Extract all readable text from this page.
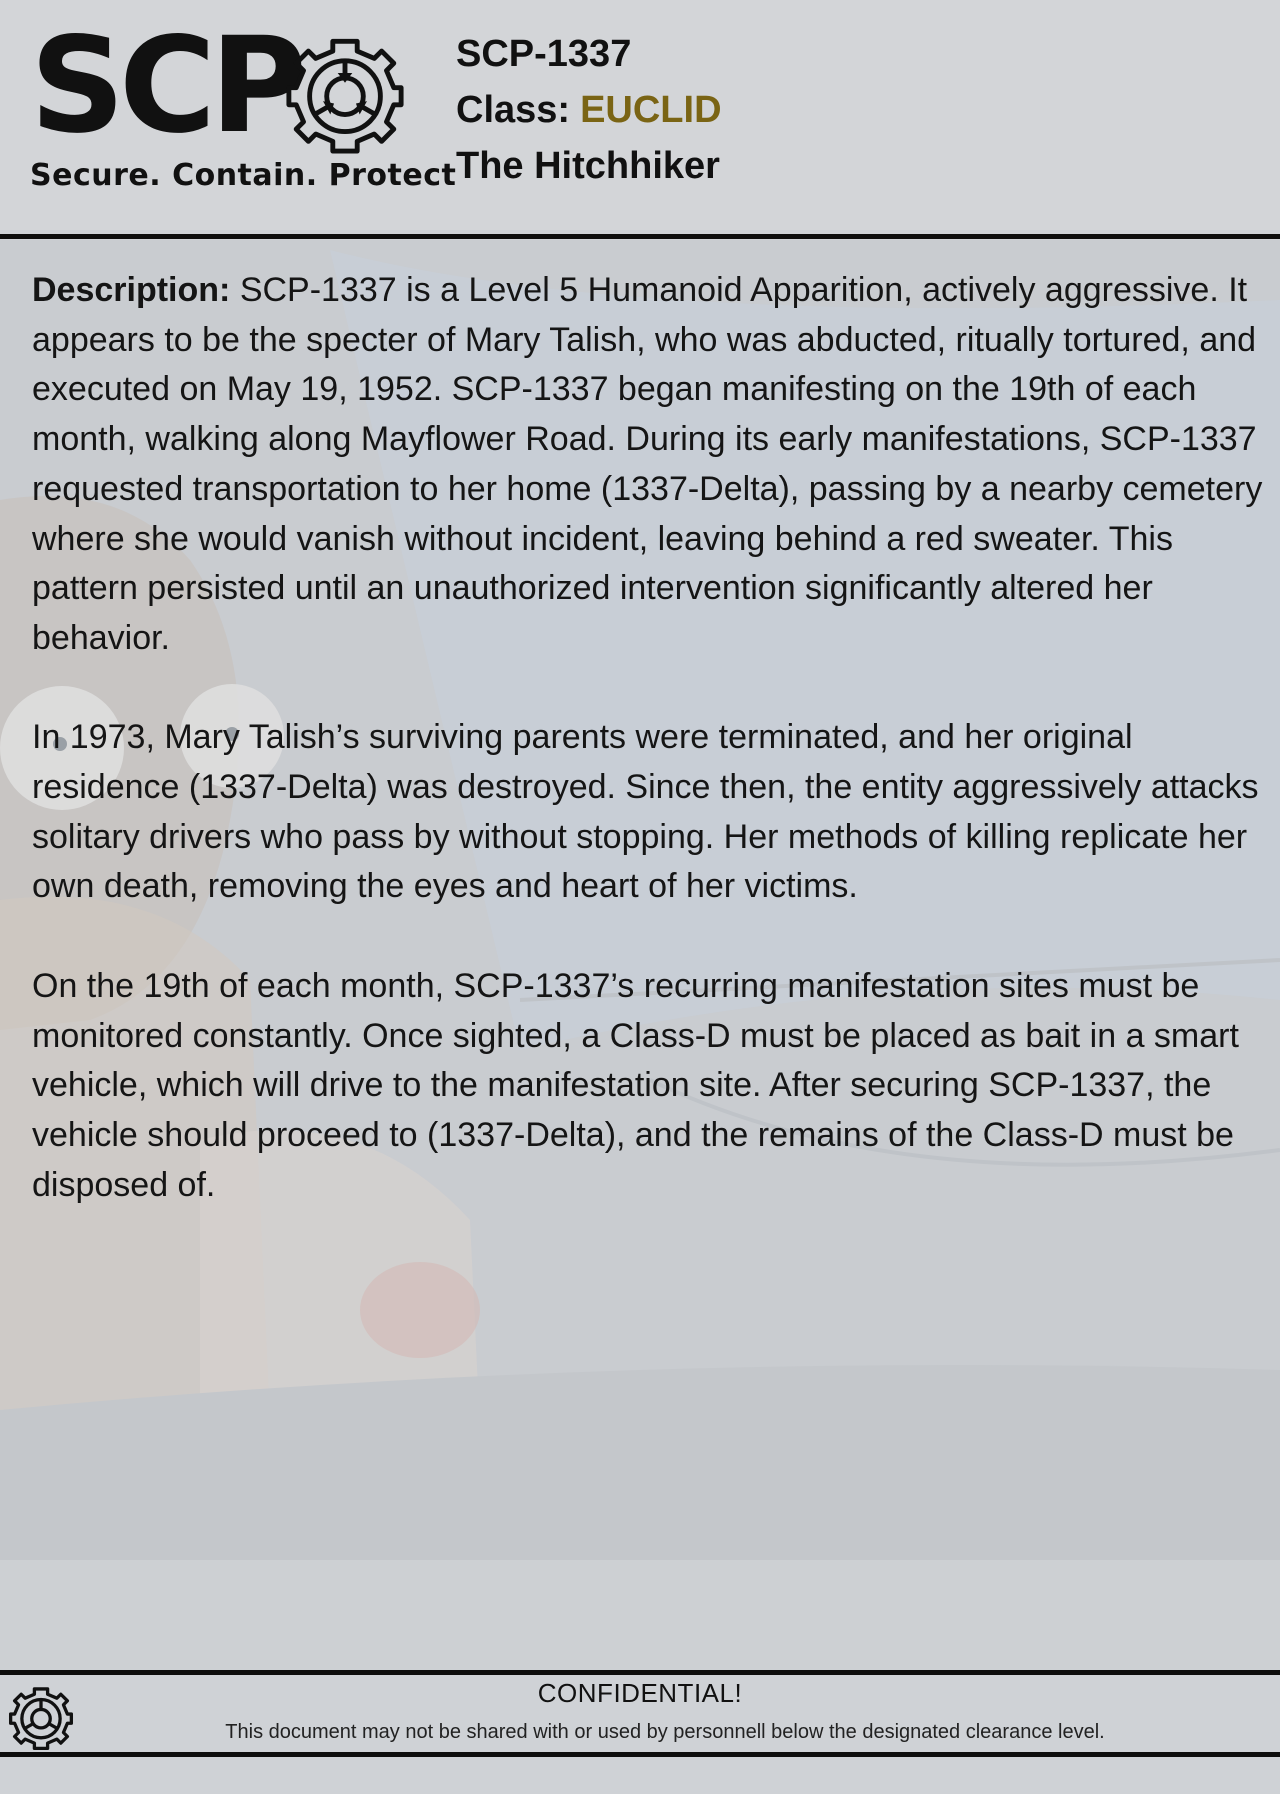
SCP
Secure. Contain. Protect
SCP-1337
Class: EUCLID
The Hitchhiker

Description: SCP-1337 is a Level 5 Humanoid Apparition, actively aggressive. It appears to be the specter of Mary Talish, who was abducted, ritually tortured, and executed on May 19, 1952. SCP-1337 began manifesting on the 19th of each month, walking along Mayflower Road. During its early manifestations, SCP-1337 requested transportation to her home (1337-Delta), passing by a nearby cemetery where she would vanish without incident, leaving behind a red sweater. This pattern persisted until an unauthorized intervention significantly altered her behavior.

In 1973, Mary Talish’s surviving parents were terminated, and her original residence (1337-Delta) was destroyed. Since then, the entity aggressively attacks solitary drivers who pass by without stopping. Her methods of killing replicate her own death, removing the eyes and heart of her victims.

On the 19th of each month, SCP-1337’s recurring manifestation sites must be monitored constantly. Once sighted, a Class-D must be placed as bait in a smart vehicle, which will drive to the manifestation site. After securing SCP-1337, the vehicle should proceed to (1337-Delta), and the remains of the Class-D must be disposed of.

CONFIDENTIAL!
This document may not be shared with or used by personnell below the designated clearance level.
